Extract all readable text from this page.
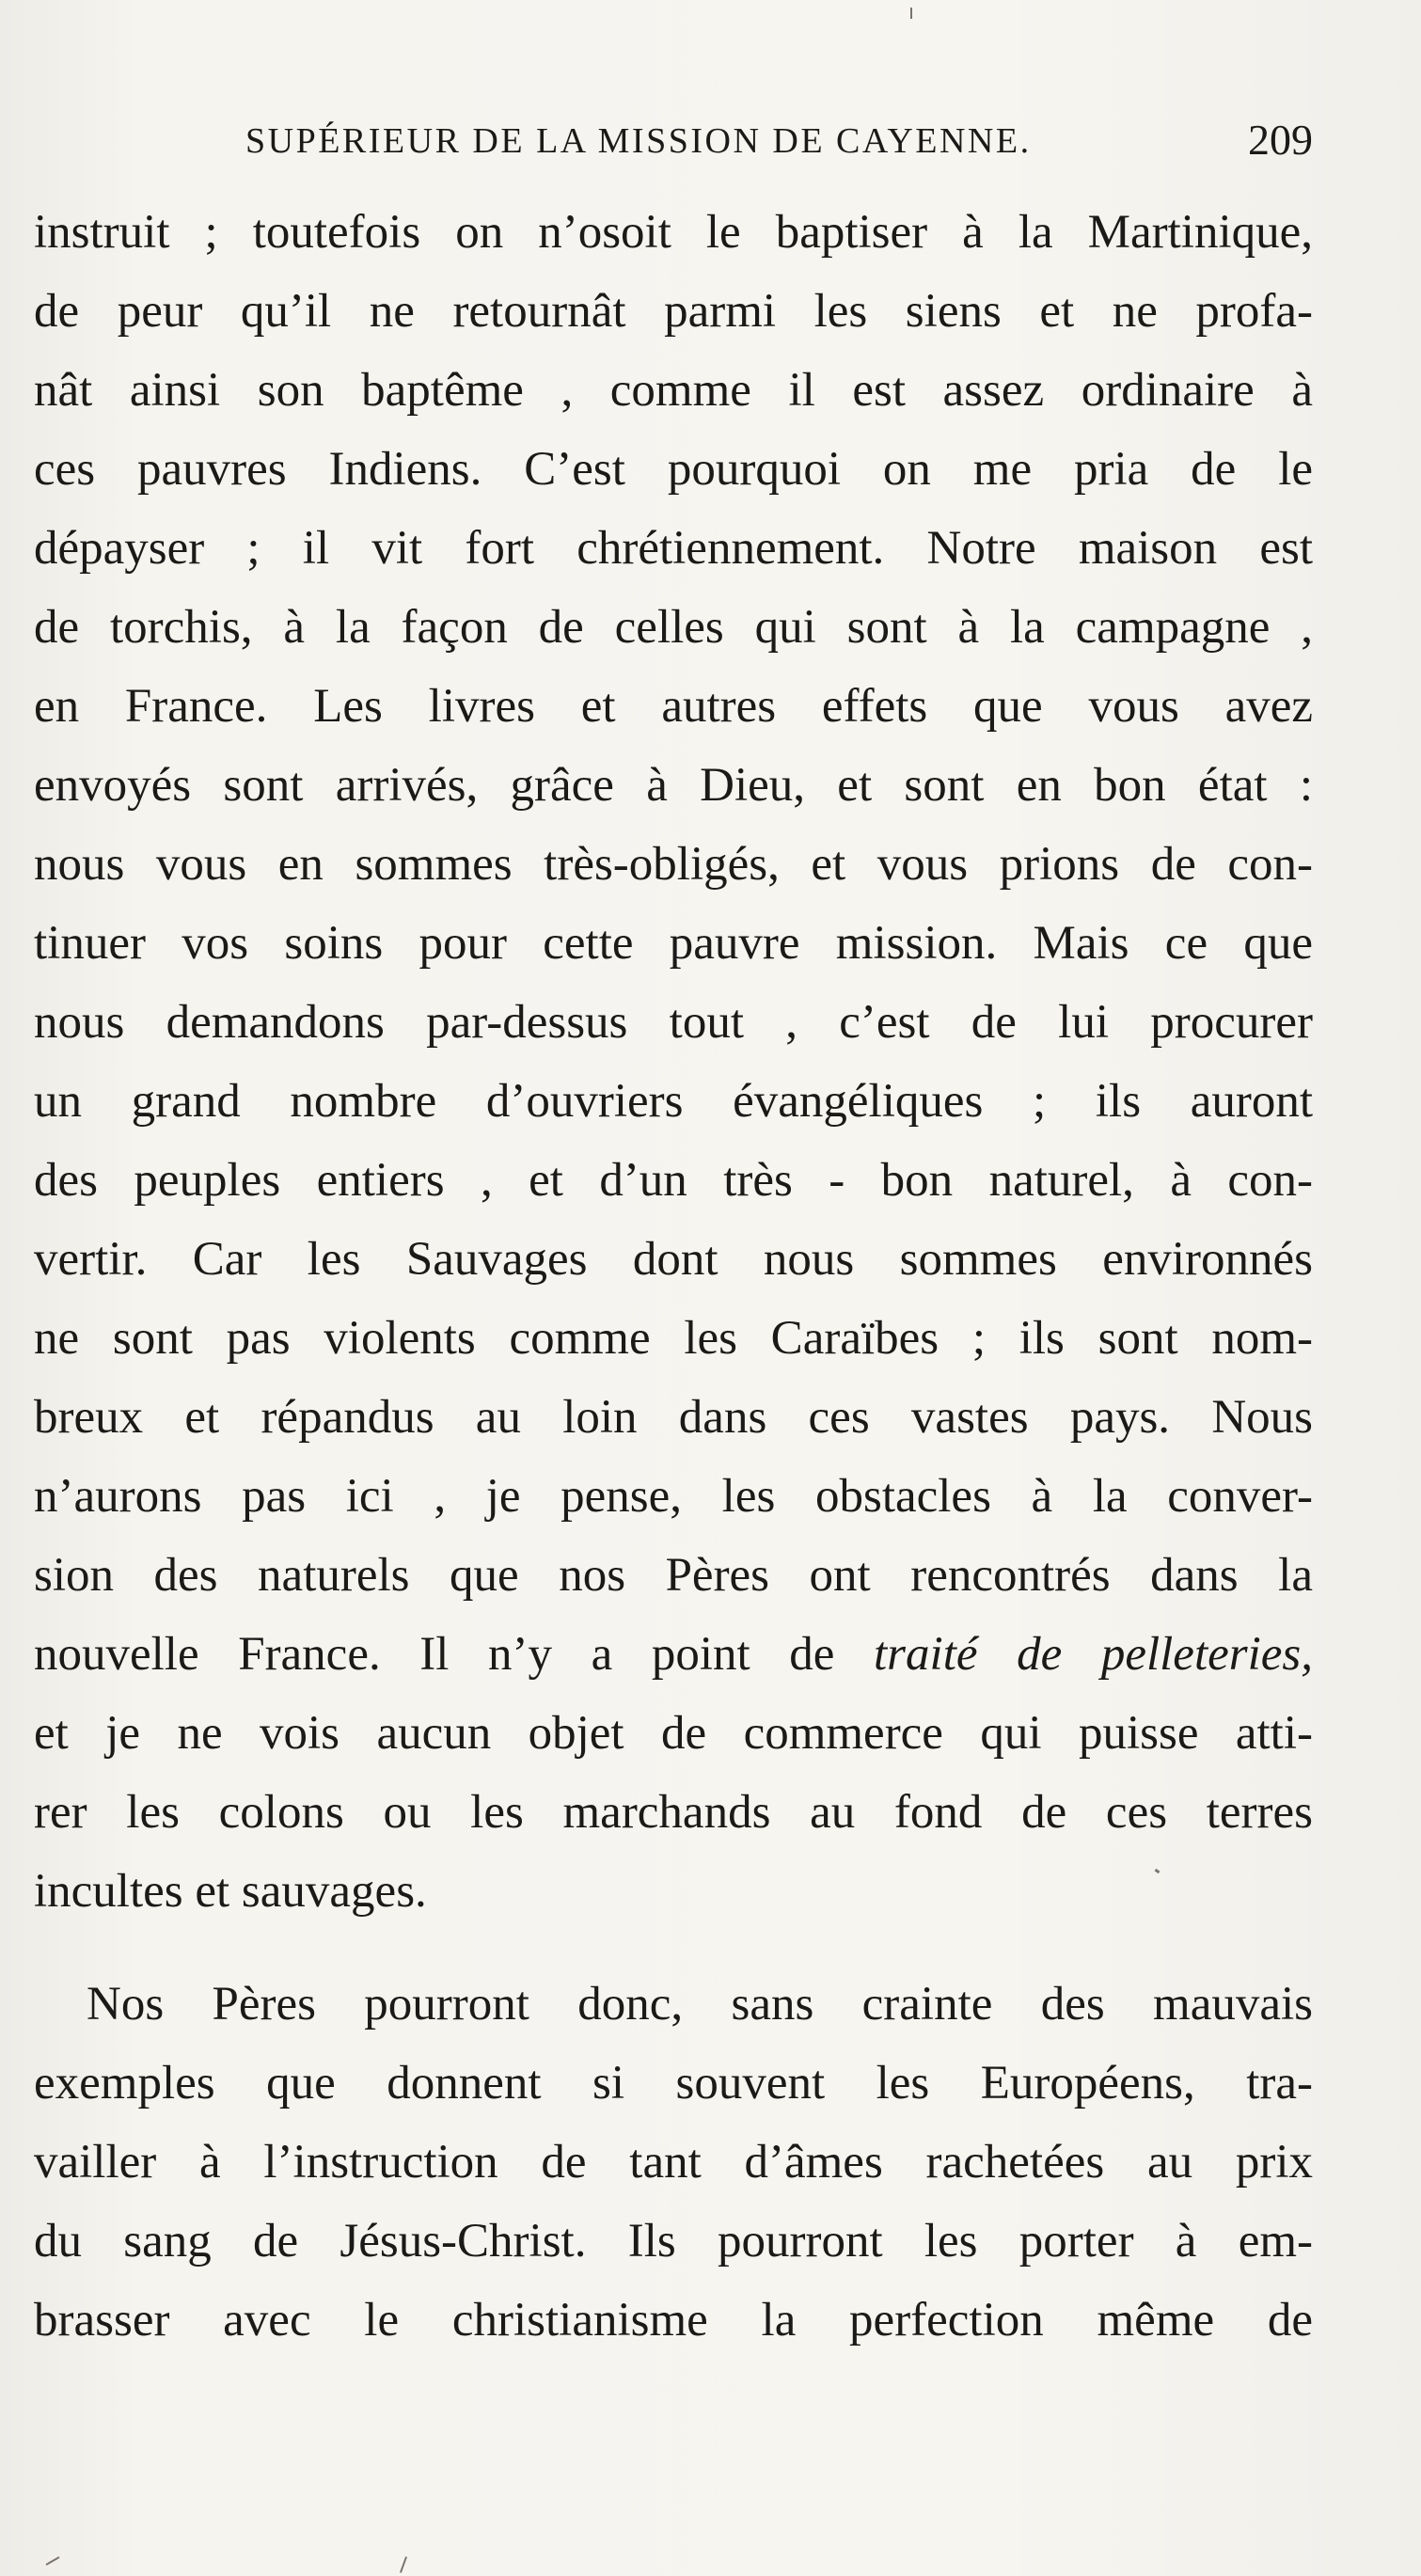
SUPÉRIEUR DE LA MISSION DE CAYENNE.	209
instruit ; toutefois on n’osoit le baptiser à la Martinique,
de peur qu’il ne retournât parmi les siens et ne profa-
nât ainsi son baptême , comme il est assez ordinaire à
ces pauvres Indiens. C’est pourquoi on me pria de le
dépayser ; il vit fort chrétiennement. Notre maison est
de torchis, à la façon de celles qui sont à la campagne ,
en France. Les livres et autres effets que vous avez
envoyés sont arrivés, grâce à Dieu, et sont en bon état :
nous vous en sommes très-obligés, et vous prions de con-
tinuer vos soins pour cette pauvre mission. Mais ce que
nous demandons par-dessus tout , c’est de lui procurer
un grand nombre d’ouvriers évangéliques ; ils auront
des peuples entiers , et d’un très - bon naturel, à con-
vertir. Car les Sauvages dont nous sommes environnés
ne sont pas violents comme les Caraïbes ; ils sont nom-
breux et répandus au loin dans ces vastes pays. Nous
n’aurons pas ici , je pense, les obstacles à la conver-
sion des naturels que nos Pères ont rencontrés dans la
nouvelle France. Il n’y a point de traité de pelleteries,
et je ne vois aucun objet de commerce qui puisse atti-
rer les colons ou les marchands au fond de ces terres
incultes et sauvages.
Nos Pères pourront donc, sans crainte des mauvais
exemples que donnent si souvent les Européens, tra-
vailler à l’instruction de tant d’âmes rachetées au prix
du sang de Jésus-Christ. Ils pourront les porter à em-
brasser avec le christianisme la perfection même de
